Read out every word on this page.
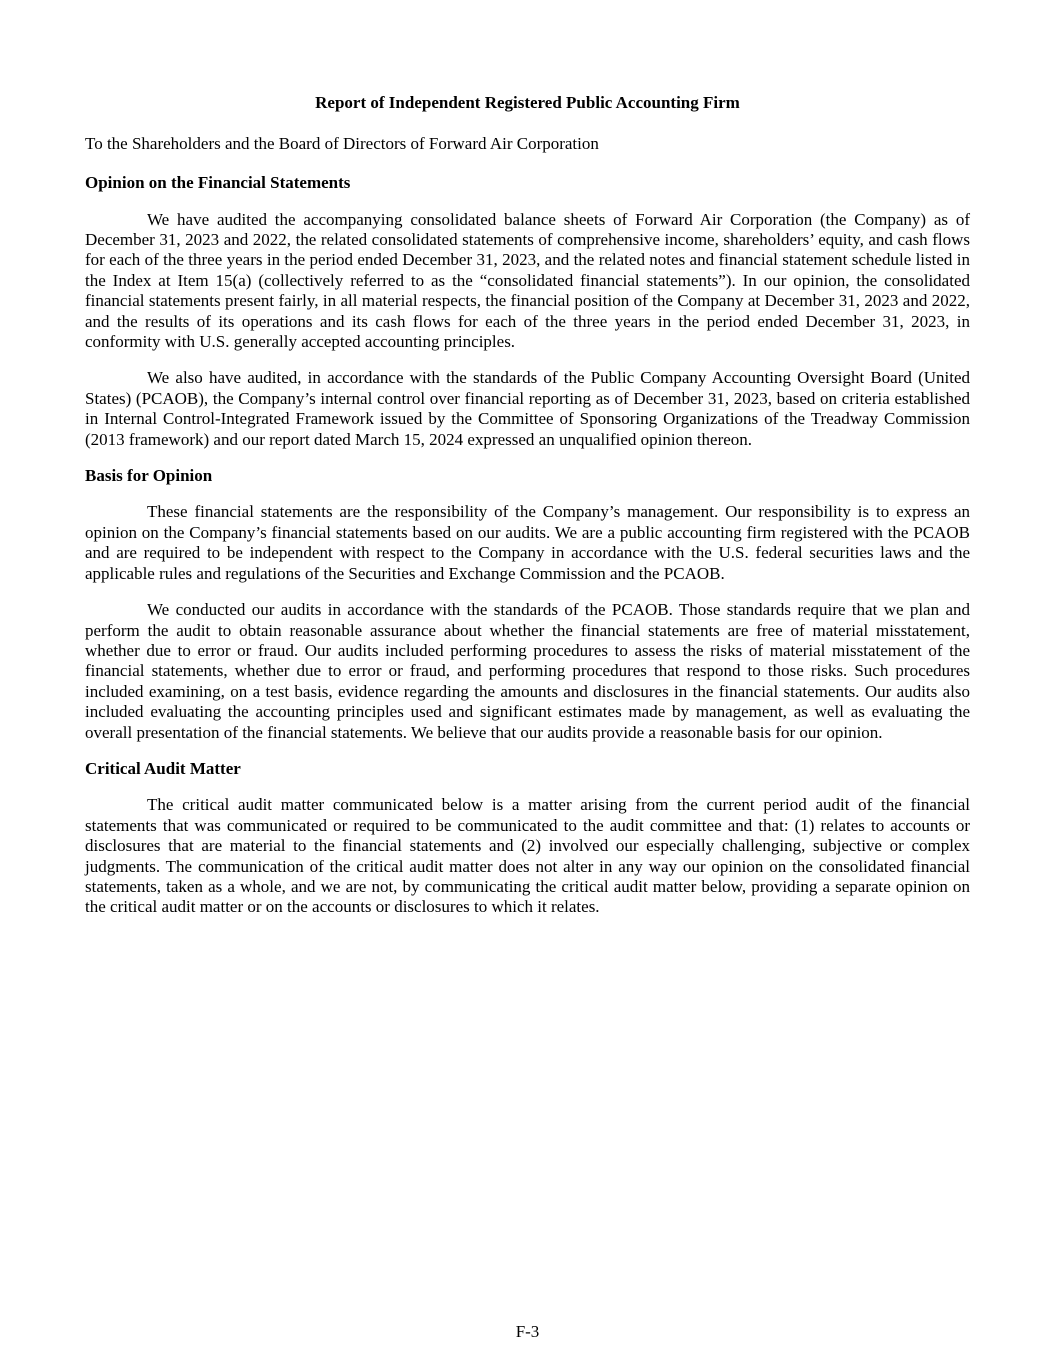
Report of Independent Registered Public Accounting Firm
To the Shareholders and the Board of Directors of Forward Air Corporation
Opinion on the Financial Statements

We have audited the accompanying consolidated balance sheets of Forward Air Corporation (the Company) as of December 31, 2023 and 2022, the related consolidated statements of comprehensive income, shareholders’ equity, and cash flows for each of the three years in the period ended December 31, 2023, and the related notes and financial statement schedule listed in the Index at Item 15(a) (collectively referred to as the “consolidated financial statements”). In our opinion, the consolidated financial statements present fairly, in all material respects, the financial position of the Company at December 31, 2023 and 2022, and the results of its operations and its cash flows for each of the three years in the period ended December 31, 2023, in conformity with U.S. generally accepted accounting principles.

We also have audited, in accordance with the standards of the Public Company Accounting Oversight Board (United States) (PCAOB), the Company’s internal control over financial reporting as of December 31, 2023, based on criteria established in Internal Control-Integrated Framework issued by the Committee of Sponsoring Organizations of the Treadway Commission (2013 framework) and our report dated March 15, 2024 expressed an unqualified opinion thereon.

Basis for Opinion

These financial statements are the responsibility of the Company’s management. Our responsibility is to express an opinion on the Company’s financial statements based on our audits. We are a public accounting firm registered with the PCAOB and are required to be independent with respect to the Company in accordance with the U.S. federal securities laws and the applicable rules and regulations of the Securities and Exchange Commission and the PCAOB.

We conducted our audits in accordance with the standards of the PCAOB. Those standards require that we plan and perform the audit to obtain reasonable assurance about whether the financial statements are free of material misstatement, whether due to error or fraud. Our audits included performing procedures to assess the risks of material misstatement of the financial statements, whether due to error or fraud, and performing procedures that respond to those risks. Such procedures included examining, on a test basis, evidence regarding the amounts and disclosures in the financial statements. Our audits also included evaluating the accounting principles used and significant estimates made by management, as well as evaluating the overall presentation of the financial statements. We believe that our audits provide a reasonable basis for our opinion.

Critical Audit Matter

The critical audit matter communicated below is a matter arising from the current period audit of the financial statements that was communicated or required to be communicated to the audit committee and that: (1) relates to accounts or disclosures that are material to the financial statements and (2) involved our especially challenging, subjective or complex judgments. The communication of the critical audit matter does not alter in any way our opinion on the consolidated financial statements, taken as a whole, and we are not, by communicating the critical audit matter below, providing a separate opinion on the critical audit matter or on the accounts or disclosures to which it relates.

F-3
